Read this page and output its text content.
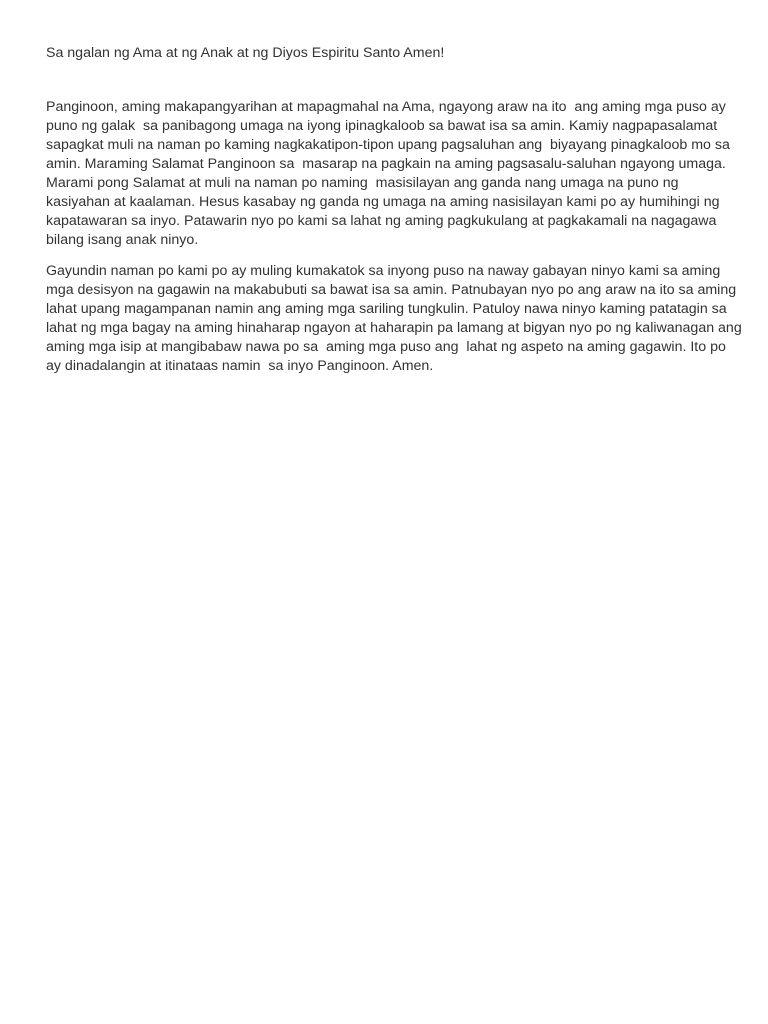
Sa ngalan ng Ama at ng Anak at ng Diyos Espiritu Santo Amen!

Panginoon, aming makapangyarihan at mapagmahal na Ama, ngayong araw na ito  ang aming mga puso ay
puno ng galak  sa panibagong umaga na iyong ipinagkaloob sa bawat isa sa amin. Kamiy nagpapasalamat
sapagkat muli na naman po kaming nagkakatipon-tipon upang pagsaluhan ang  biyayang pinagkaloob mo sa
amin. Maraming Salamat Panginoon sa  masarap na pagkain na aming pagsasalu-saluhan ngayong umaga.
Marami pong Salamat at muli na naman po naming  masisilayan ang ganda nang umaga na puno ng
kasiyahan at kaalaman. Hesus kasabay ng ganda ng umaga na aming nasisilayan kami po ay humihingi ng
kapatawaran sa inyo. Patawarin nyo po kami sa lahat ng aming pagkukulang at pagkakamali na nagagawa
bilang isang anak ninyo.
Gayundin naman po kami po ay muling kumakatok sa inyong puso na naway gabayan ninyo kami sa aming
mga desisyon na gagawin na makabubuti sa bawat isa sa amin. Patnubayan nyo po ang araw na ito sa aming
lahat upang magampanan namin ang aming mga sariling tungkulin. Patuloy nawa ninyo kaming patatagin sa
lahat ng mga bagay na aming hinaharap ngayon at haharapin pa lamang at bigyan nyo po ng kaliwanagan ang
aming mga isip at mangibabaw nawa po sa  aming mga puso ang  lahat ng aspeto na aming gagawin. Ito po
ay dinadalangin at itinataas namin  sa inyo Panginoon. Amen.
